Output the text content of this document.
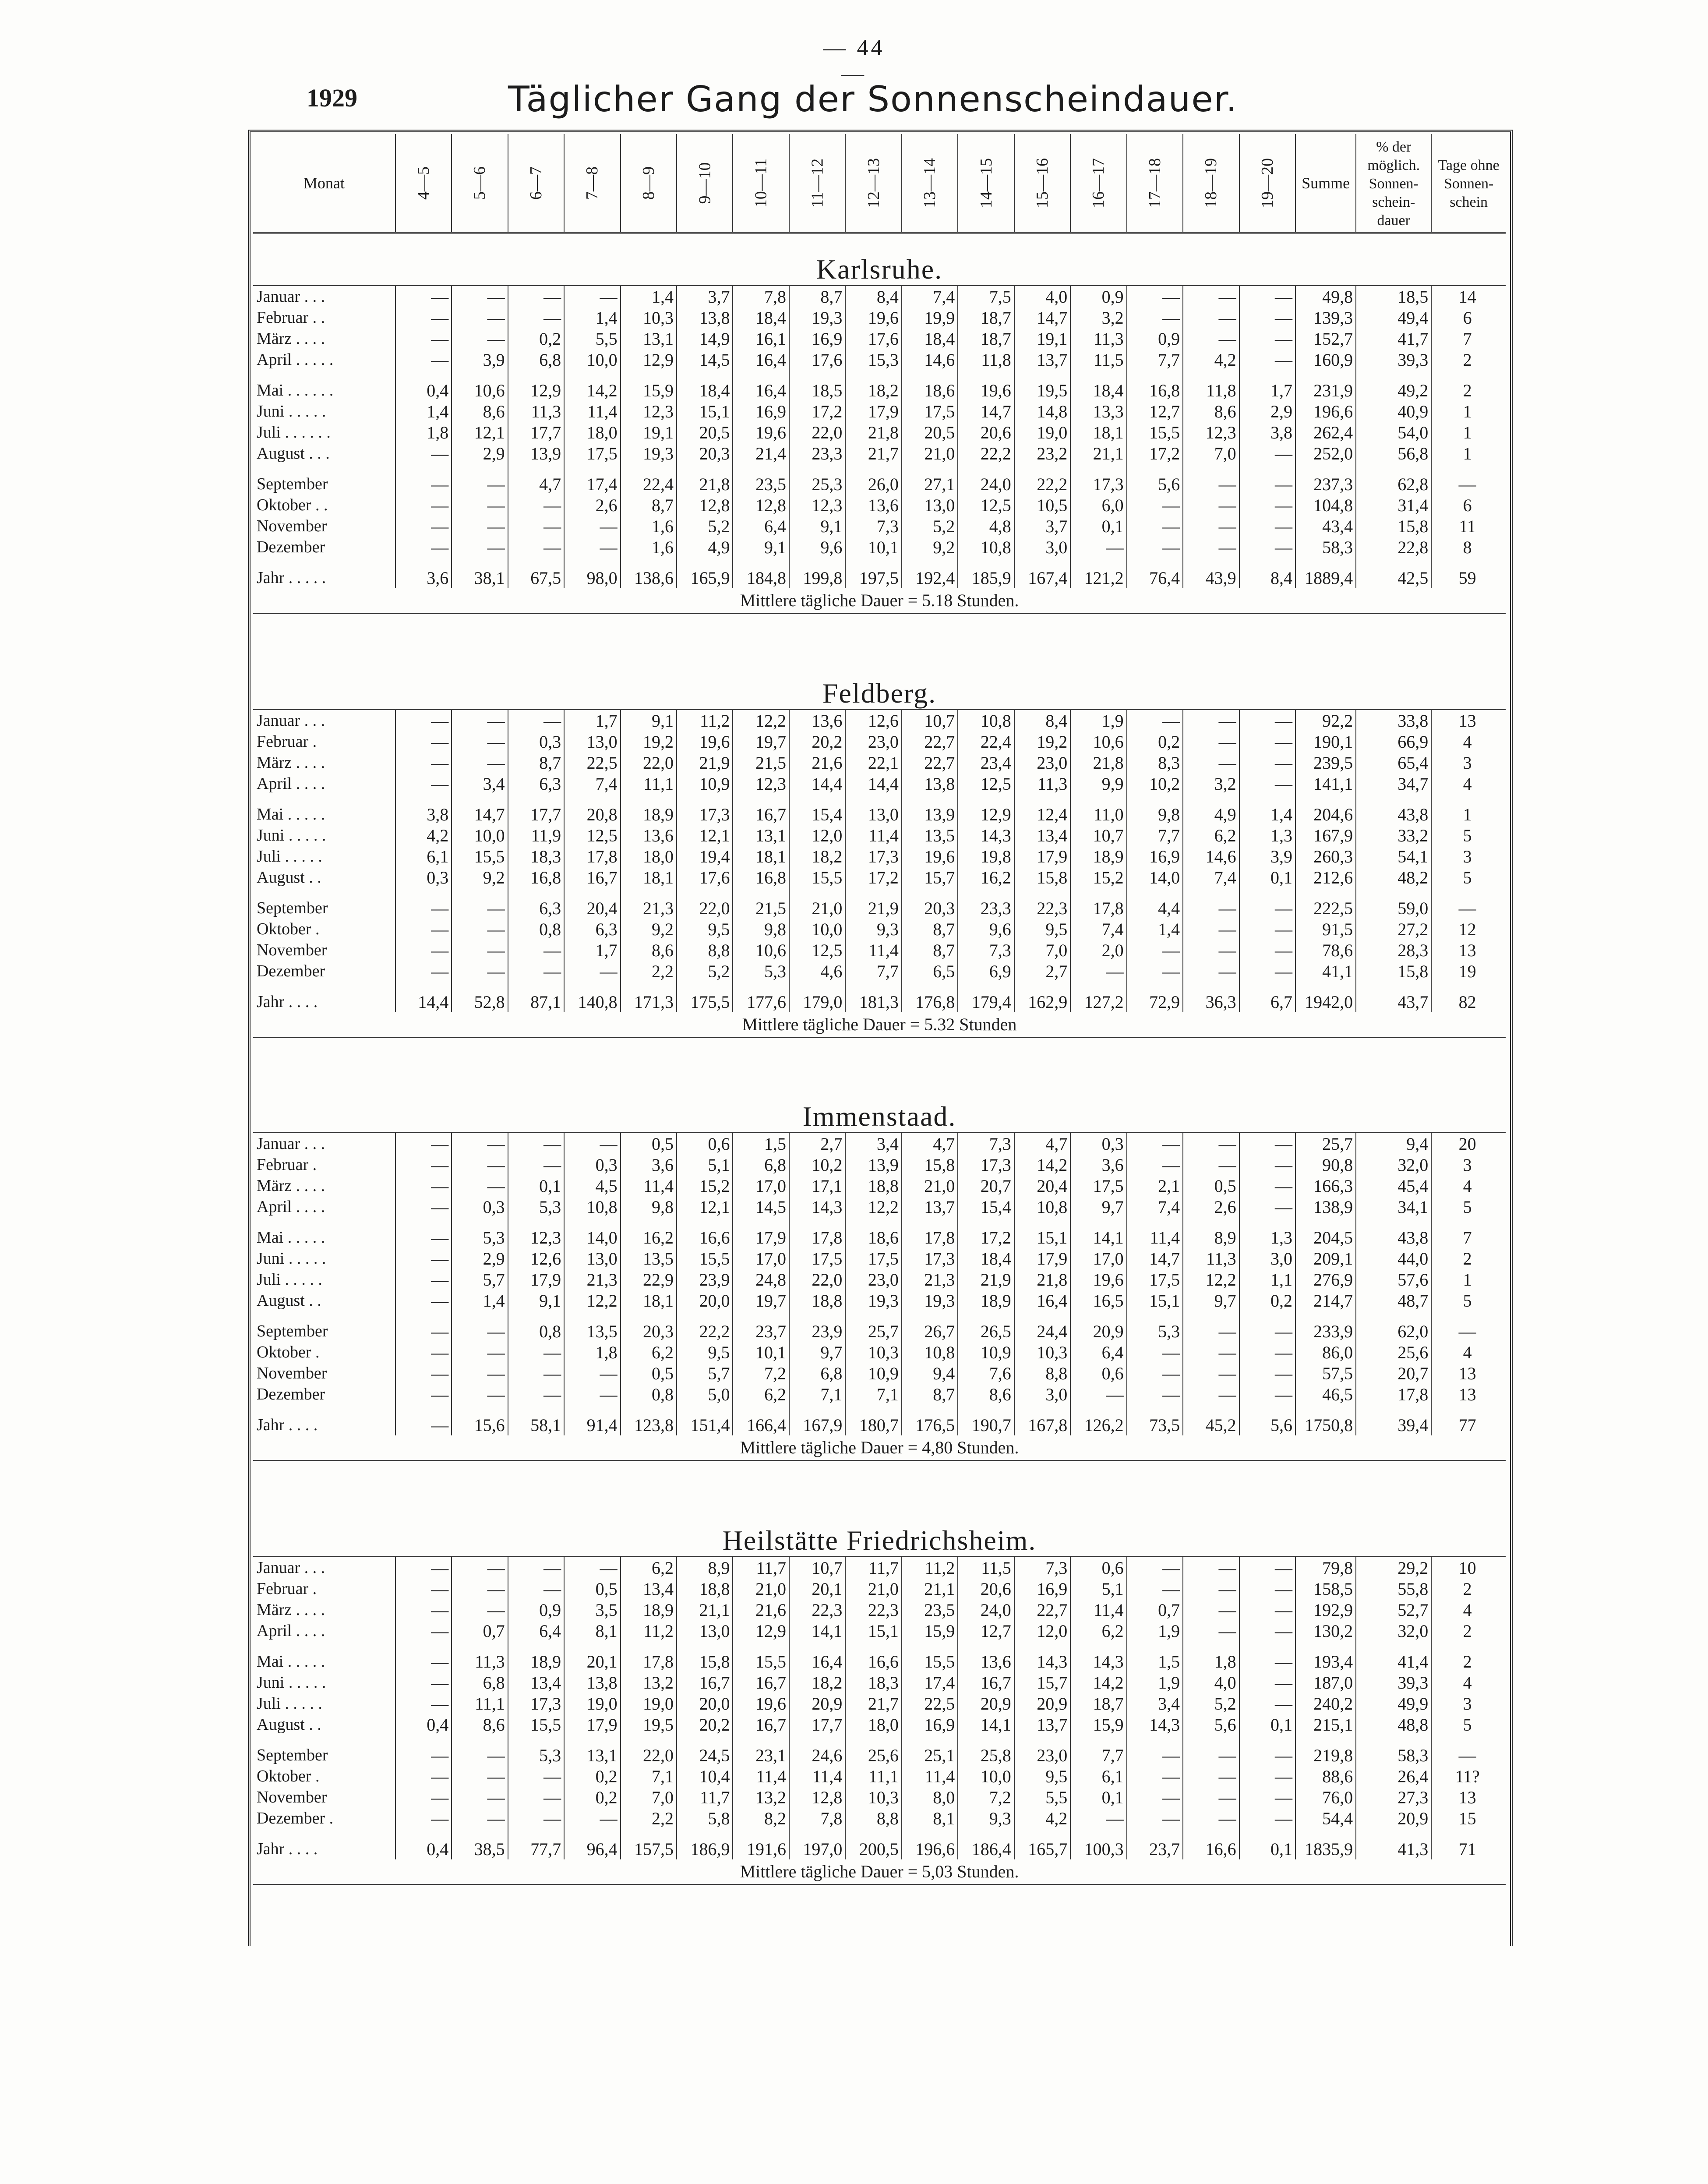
— 44 —
1929	Täglicher Gang der Sonnenscheindauer.
Monat	4—5	5—6	6—7	7—8	8—9	9—10	10—11	11—12	12—13	13—14	14—15	15—16	16—17	17—18	18—19	19—20	Summe	% der möglich. Sonnen-schein-dauer	Tage ohne Sonnen-schein
Karlsruhe.
Januar . . .	—	—	—	—	1,4	3,7	7,8	8,7	8,4	7,4	7,5	4,0	0,9	—	—	—	49,8	18,5	14
Februar . .	—	—	—	1,4	10,3	13,8	18,4	19,3	19,6	19,9	18,7	14,7	3,2	—	—	—	139,3	49,4	6
März . . . .	—	—	0,2	5,5	13,1	14,9	16,1	16,9	17,6	18,4	18,7	19,1	11,3	0,9	—	—	152,7	41,7	7
April . . . . .	—	3,9	6,8	10,0	12,9	14,5	16,4	17,6	15,3	14,6	11,8	13,7	11,5	7,7	4,2	—	160,9	39,3	2
Mai . . . . . .	0,4	10,6	12,9	14,2	15,9	18,4	16,4	18,5	18,2	18,6	19,6	19,5	18,4	16,8	11,8	1,7	231,9	49,2	2
Juni . . . . .	1,4	8,6	11,3	11,4	12,3	15,1	16,9	17,2	17,9	17,5	14,7	14,8	13,3	12,7	8,6	2,9	196,6	40,9	1
Juli . . . . . .	1,8	12,1	17,7	18,0	19,1	20,5	19,6	22,0	21,8	20,5	20,6	19,0	18,1	15,5	12,3	3,8	262,4	54,0	1
August . . .	—	2,9	13,9	17,5	19,3	20,3	21,4	23,3	21,7	21,0	22,2	23,2	21,1	17,2	7,0	—	252,0	56,8	1
September	—	—	4,7	17,4	22,4	21,8	23,5	25,3	26,0	27,1	24,0	22,2	17,3	5,6	—	—	237,3	62,8	—
Oktober . .	—	—	—	2,6	8,7	12,8	12,8	12,3	13,6	13,0	12,5	10,5	6,0	—	—	—	104,8	31,4	6
November	—	—	—	—	1,6	5,2	6,4	9,1	7,3	5,2	4,8	3,7	0,1	—	—	—	43,4	15,8	11
Dezember	—	—	—	—	1,6	4,9	9,1	9,6	10,1	9,2	10,8	3,0	—	—	—	—	58,3	22,8	8
Jahr . . . . .	3,6	38,1	67,5	98,0	138,6	165,9	184,8	199,8	197,5	192,4	185,9	167,4	121,2	76,4	43,9	8,4	1889,4	42,5	59
Mittlere tägliche Dauer = 5.18 Stunden.
Feldberg.
Januar . . .	—	—	—	1,7	9,1	11,2	12,2	13,6	12,6	10,7	10,8	8,4	1,9	—	—	—	92,2	33,8	13
Februar .	—	—	0,3	13,0	19,2	19,6	19,7	20,2	23,0	22,7	22,4	19,2	10,6	0,2	—	—	190,1	66,9	4
März . . . .	—	—	8,7	22,5	22,0	21,9	21,5	21,6	22,1	22,7	23,4	23,0	21,8	8,3	—	—	239,5	65,4	3
April . . . .	—	3,4	6,3	7,4	11,1	10,9	12,3	14,4	14,4	13,8	12,5	11,3	9,9	10,2	3,2	—	141,1	34,7	4
Mai . . . . .	3,8	14,7	17,7	20,8	18,9	17,3	16,7	15,4	13,0	13,9	12,9	12,4	11,0	9,8	4,9	1,4	204,6	43,8	1
Juni . . . . .	4,2	10,0	11,9	12,5	13,6	12,1	13,1	12,0	11,4	13,5	14,3	13,4	10,7	7,7	6,2	1,3	167,9	33,2	5
Juli . . . . .	6,1	15,5	18,3	17,8	18,0	19,4	18,1	18,2	17,3	19,6	19,8	17,9	18,9	16,9	14,6	3,9	260,3	54,1	3
August . .	0,3	9,2	16,8	16,7	18,1	17,6	16,8	15,5	17,2	15,7	16,2	15,8	15,2	14,0	7,4	0,1	212,6	48,2	5
September	—	—	6,3	20,4	21,3	22,0	21,5	21,0	21,9	20,3	23,3	22,3	17,8	4,4	—	—	222,5	59,0	—
Oktober .	—	—	0,8	6,3	9,2	9,5	9,8	10,0	9,3	8,7	9,6	9,5	7,4	1,4	—	—	91,5	27,2	12
November	—	—	—	1,7	8,6	8,8	10,6	12,5	11,4	8,7	7,3	7,0	2,0	—	—	—	78,6	28,3	13
Dezember	—	—	—	—	2,2	5,2	5,3	4,6	7,7	6,5	6,9	2,7	—	—	—	—	41,1	15,8	19
Jahr . . . .	14,4	52,8	87,1	140,8	171,3	175,5	177,6	179,0	181,3	176,8	179,4	162,9	127,2	72,9	36,3	6,7	1942,0	43,7	82
Mittlere tägliche Dauer = 5.32 Stunden
Immenstaad.
Januar . . .	—	—	—	—	0,5	0,6	1,5	2,7	3,4	4,7	7,3	4,7	0,3	—	—	—	25,7	9,4	20
Februar .	—	—	—	0,3	3,6	5,1	6,8	10,2	13,9	15,8	17,3	14,2	3,6	—	—	—	90,8	32,0	3
März . . . .	—	—	0,1	4,5	11,4	15,2	17,0	17,1	18,8	21,0	20,7	20,4	17,5	2,1	0,5	—	166,3	45,4	4
April . . . .	—	0,3	5,3	10,8	9,8	12,1	14,5	14,3	12,2	13,7	15,4	10,8	9,7	7,4	2,6	—	138,9	34,1	5
Mai . . . . .	—	5,3	12,3	14,0	16,2	16,6	17,9	17,8	18,6	17,8	17,2	15,1	14,1	11,4	8,9	1,3	204,5	43,8	7
Juni . . . . .	—	2,9	12,6	13,0	13,5	15,5	17,0	17,5	17,5	17,3	18,4	17,9	17,0	14,7	11,3	3,0	209,1	44,0	2
Juli . . . . .	—	5,7	17,9	21,3	22,9	23,9	24,8	22,0	23,0	21,3	21,9	21,8	19,6	17,5	12,2	1,1	276,9	57,6	1
August . .	—	1,4	9,1	12,2	18,1	20,0	19,7	18,8	19,3	19,3	18,9	16,4	16,5	15,1	9,7	0,2	214,7	48,7	5
September	—	—	0,8	13,5	20,3	22,2	23,7	23,9	25,7	26,7	26,5	24,4	20,9	5,3	—	—	233,9	62,0	—
Oktober .	—	—	—	1,8	6,2	9,5	10,1	9,7	10,3	10,8	10,9	10,3	6,4	—	—	—	86,0	25,6	4
November	—	—	—	—	0,5	5,7	7,2	6,8	10,9	9,4	7,6	8,8	0,6	—	—	—	57,5	20,7	13
Dezember	—	—	—	—	0,8	5,0	6,2	7,1	7,1	8,7	8,6	3,0	—	—	—	—	46,5	17,8	13
Jahr . . . .	—	15,6	58,1	91,4	123,8	151,4	166,4	167,9	180,7	176,5	190,7	167,8	126,2	73,5	45,2	5,6	1750,8	39,4	77
Mittlere tägliche Dauer = 4,80 Stunden.
Heilstätte Friedrichsheim.
Januar . . .	—	—	—	—	6,2	8,9	11,7	10,7	11,7	11,2	11,5	7,3	0,6	—	—	—	79,8	29,2	10
Februar .	—	—	—	0,5	13,4	18,8	21,0	20,1	21,0	21,1	20,6	16,9	5,1	—	—	—	158,5	55,8	2
März . . . .	—	—	0,9	3,5	18,9	21,1	21,6	22,3	22,3	23,5	24,0	22,7	11,4	0,7	—	—	192,9	52,7	4
April . . . .	—	0,7	6,4	8,1	11,2	13,0	12,9	14,1	15,1	15,9	12,7	12,0	6,2	1,9	—	—	130,2	32,0	2
Mai . . . . .	—	11,3	18,9	20,1	17,8	15,8	15,5	16,4	16,6	15,5	13,6	14,3	14,3	1,5	1,8	—	193,4	41,4	2
Juni . . . . .	—	6,8	13,4	13,8	13,2	16,7	16,7	18,2	18,3	17,4	16,7	15,7	14,2	1,9	4,0	—	187,0	39,3	4
Juli . . . . .	—	11,1	17,3	19,0	19,0	20,0	19,6	20,9	21,7	22,5	20,9	20,9	18,7	3,4	5,2	—	240,2	49,9	3
August . .	0,4	8,6	15,5	17,9	19,5	20,2	16,7	17,7	18,0	16,9	14,1	13,7	15,9	14,3	5,6	0,1	215,1	48,8	5
September	—	—	5,3	13,1	22,0	24,5	23,1	24,6	25,6	25,1	25,8	23,0	7,7	—	—	—	219,8	58,3	—
Oktober .	—	—	—	0,2	7,1	10,4	11,4	11,4	11,1	11,4	10,0	9,5	6,1	—	—	—	88,6	26,4	11?
November	—	—	—	0,2	7,0	11,7	13,2	12,8	10,3	8,0	7,2	5,5	0,1	—	—	—	76,0	27,3	13
Dezember .	—	—	—	—	2,2	5,8	8,2	7,8	8,8	8,1	9,3	4,2	—	—	—	—	54,4	20,9	15
Jahr . . . .	0,4	38,5	77,7	96,4	157,5	186,9	191,6	197,0	200,5	196,6	186,4	165,7	100,3	23,7	16,6	0,1	1835,9	41,3	71
Mittlere tägliche Dauer = 5,03 Stunden.
